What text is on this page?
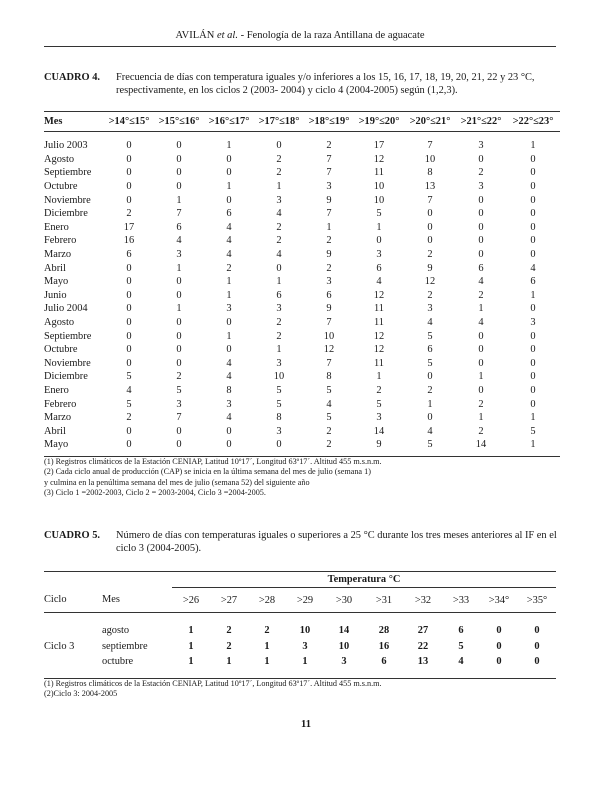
AVILÁN et al. - Fenología de la raza Antillana de aguacate
CUADRO 4. Frecuencia de días con temperatura iguales y/o inferiores a los 15, 16, 17, 18, 19, 20, 21, 22 y 23 °C, respectivamente, en los ciclos 2 (2003- 2004) y ciclo 4 (2004-2005) según (1,2,3).
Mes	>14°≤15°	>15°≤16°	>16°≤17°	>17°≤18°	>18°≤19°	>19°≤20°	>20°≤21°	>21°≤22°	>22°≤23°
Julio 2003	0	0	1	0	2	17	7	3	1
Agosto	0	0	0	2	7	12	10	0	0
Septiembre	0	0	0	2	7	11	8	2	0
Octubre	0	0	1	1	3	10	13	3	0
Noviembre	0	1	0	3	9	10	7	0	0
Diciembre	2	7	6	4	7	5	0	0	0
Enero	17	6	4	2	1	1	0	0	0
Febrero	16	4	4	2	2	0	0	0	0
Marzo	6	3	4	4	9	3	2	0	0
Abril	0	1	2	0	2	6	9	6	4
Mayo	0	0	1	1	3	4	12	4	6
Junio	0	0	1	6	6	12	2	2	1
Julio 2004	0	1	3	3	9	11	3	1	0
Agosto	0	0	0	2	7	11	4	4	3
Septiembre	0	0	1	2	10	12	5	0	0
Octubre	0	0	0	1	12	12	6	0	0
Noviembre	0	0	4	3	7	11	5	0	0
Diciembre	5	2	4	10	8	1	0	1	0
Enero	4	5	8	5	5	2	2	0	0
Febrero	5	3	3	5	4	5	1	2	0
Marzo	2	7	4	8	5	3	0	1	1
Abril	0	0	0	3	2	14	4	2	5
Mayo	0	0	0	0	2	9	5	14	1
(1) Registros climáticos de la Estación CENIAP, Latitud 10º17´, Longitud 63º17´. Altitud 455 m.s.n.m.
(2) Cada ciclo anual de producción (CAP) se inicia en la última semana del mes de julio (semana 1)
y culmina en la penúltima semana del mes de julio (semana 52) del siguiente año
(3) Ciclo 1 =2002-2003, Ciclo 2 = 2003-2004, Ciclo 3 =2004-2005.
CUADRO 5. Número de días con temperaturas iguales o superiores a 25 °C durante los tres meses anteriores al IF en el ciclo 3 (2004-2005).

		Temperatura °C									
Ciclo	Mes	>26	>27	>28	>29	>30	>31	>32	>33	>34°	>35°

	agosto	1	2	2	10	14	28	27	6	0	0
Ciclo 3	septiembre	1	2	1	3	10	16	22	5	0	0
	octubre	1	1	1	1	3	6	13	4	0	0

(1) Registros climáticos de la Estación CENIAP, Latitud 10º17´, Longitud 63º17´. Altitud 455 m.s.n.m.
(2)Ciclo 3: 2004-2005
11
